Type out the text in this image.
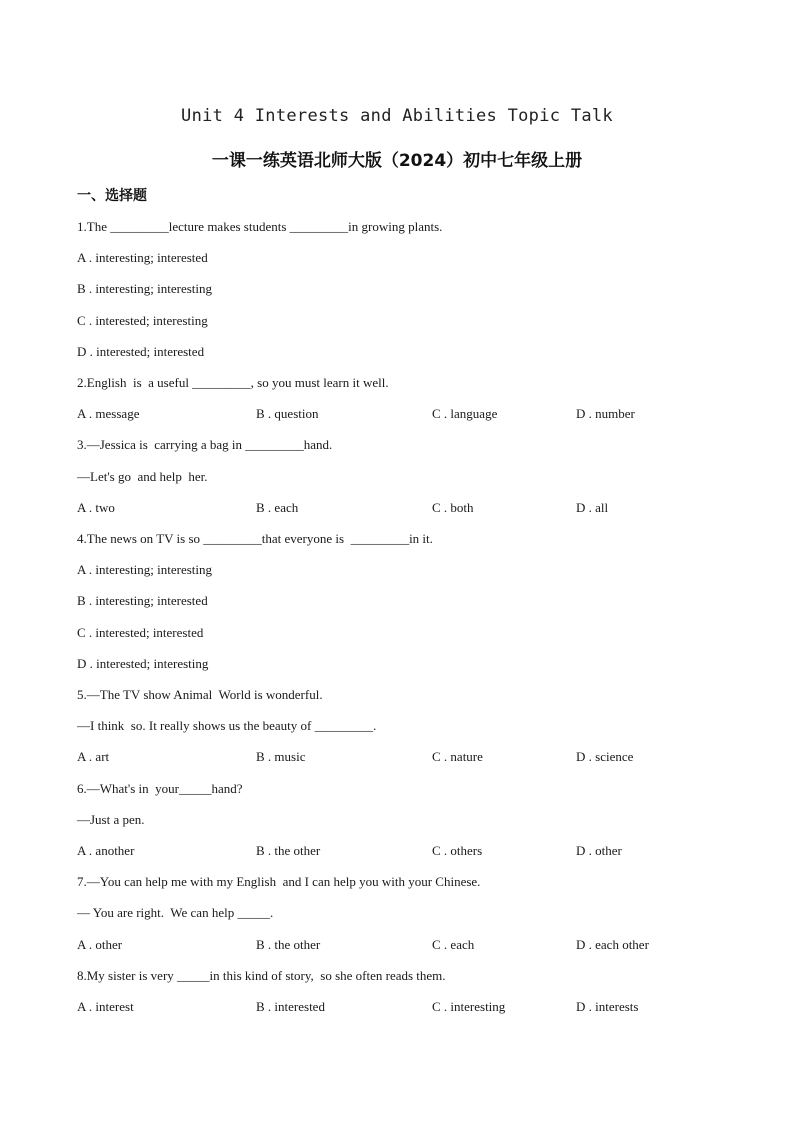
Unit 4 Interests and Abilities Topic Talk
一课一练英语北师大版（2024）初中七年级上册
一、选择题
1.The _________lecture makes students _________in growing plants.
A . interesting; interested
B . interesting; interesting
C . interested; interesting
D . interested; interested
2.English  is  a useful _________, so you must learn it well.
A . message	B . question	C . language	D . number
3.—Jessica is  carrying a bag in _________hand.
—Let's go  and help  her.
A . two	B . each	C . both	D . all
4.The news on TV is so _________that everyone is  _________in it.
A . interesting; interesting
B . interesting; interested
C . interested; interested
D . interested; interesting
5.—The TV show Animal  World is wonderful.
—I think  so. It really shows us the beauty of _________.
A . art	B . music	C . nature	D . science
6.—What's in  your_____hand?
—Just a pen.
A . another	B . the other	C . others	D . other
7.—You can help me with my English  and I can help you with your Chinese.
— You are right.  We can help _____.
A . other	B . the other	C . each	D . each other
8.My sister is very _____in this kind of story,  so she often reads them.
A . interest	B . interested	C . interesting	D . interests
